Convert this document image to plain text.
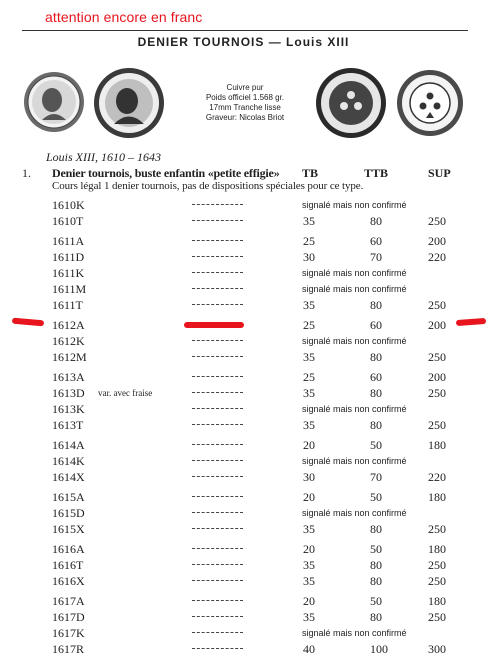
attention encore en franc

DENIER TOURNOIS — Louis XIII
Cuivre pur
Poids officiel 1.568 gr.
17mm Tranche lisse
Graveur: Nicolas Briot

Louis XIII, 1610 – 1643

1. Denier tournois, buste enfantin «petite effigie» TB	TTB	SUP
Cours légal 1 denier tournois, pas de dispositions spéciales pour ce type.
1610K	signalé mais non confirmé
1610T	35	80	250
1611A	25	60	200
1611D	30	70	220
1611K	signalé mais non confirmé
1611M	signalé mais non confirmé
1611T	35	80	250
1612A	25	60	200
1612K	signalé mais non confirmé
1612M	35	80	250
1613A	25	60	200
1613D var. avec fraise	35	80	250
1613K	signalé mais non confirmé
1613T	35	80	250
1614A	20	50	180
1614K	signalé mais non confirmé
1614X	30	70	220
1615A	20	50	180
1615D	signalé mais non confirmé
1615X	35	80	250
1616A	20	50	180
1616T	35	80	250
1616X	35	80	250
1617A	20	50	180
1617D	35	80	250
1617K	signalé mais non confirmé
1617R	40	100	300
